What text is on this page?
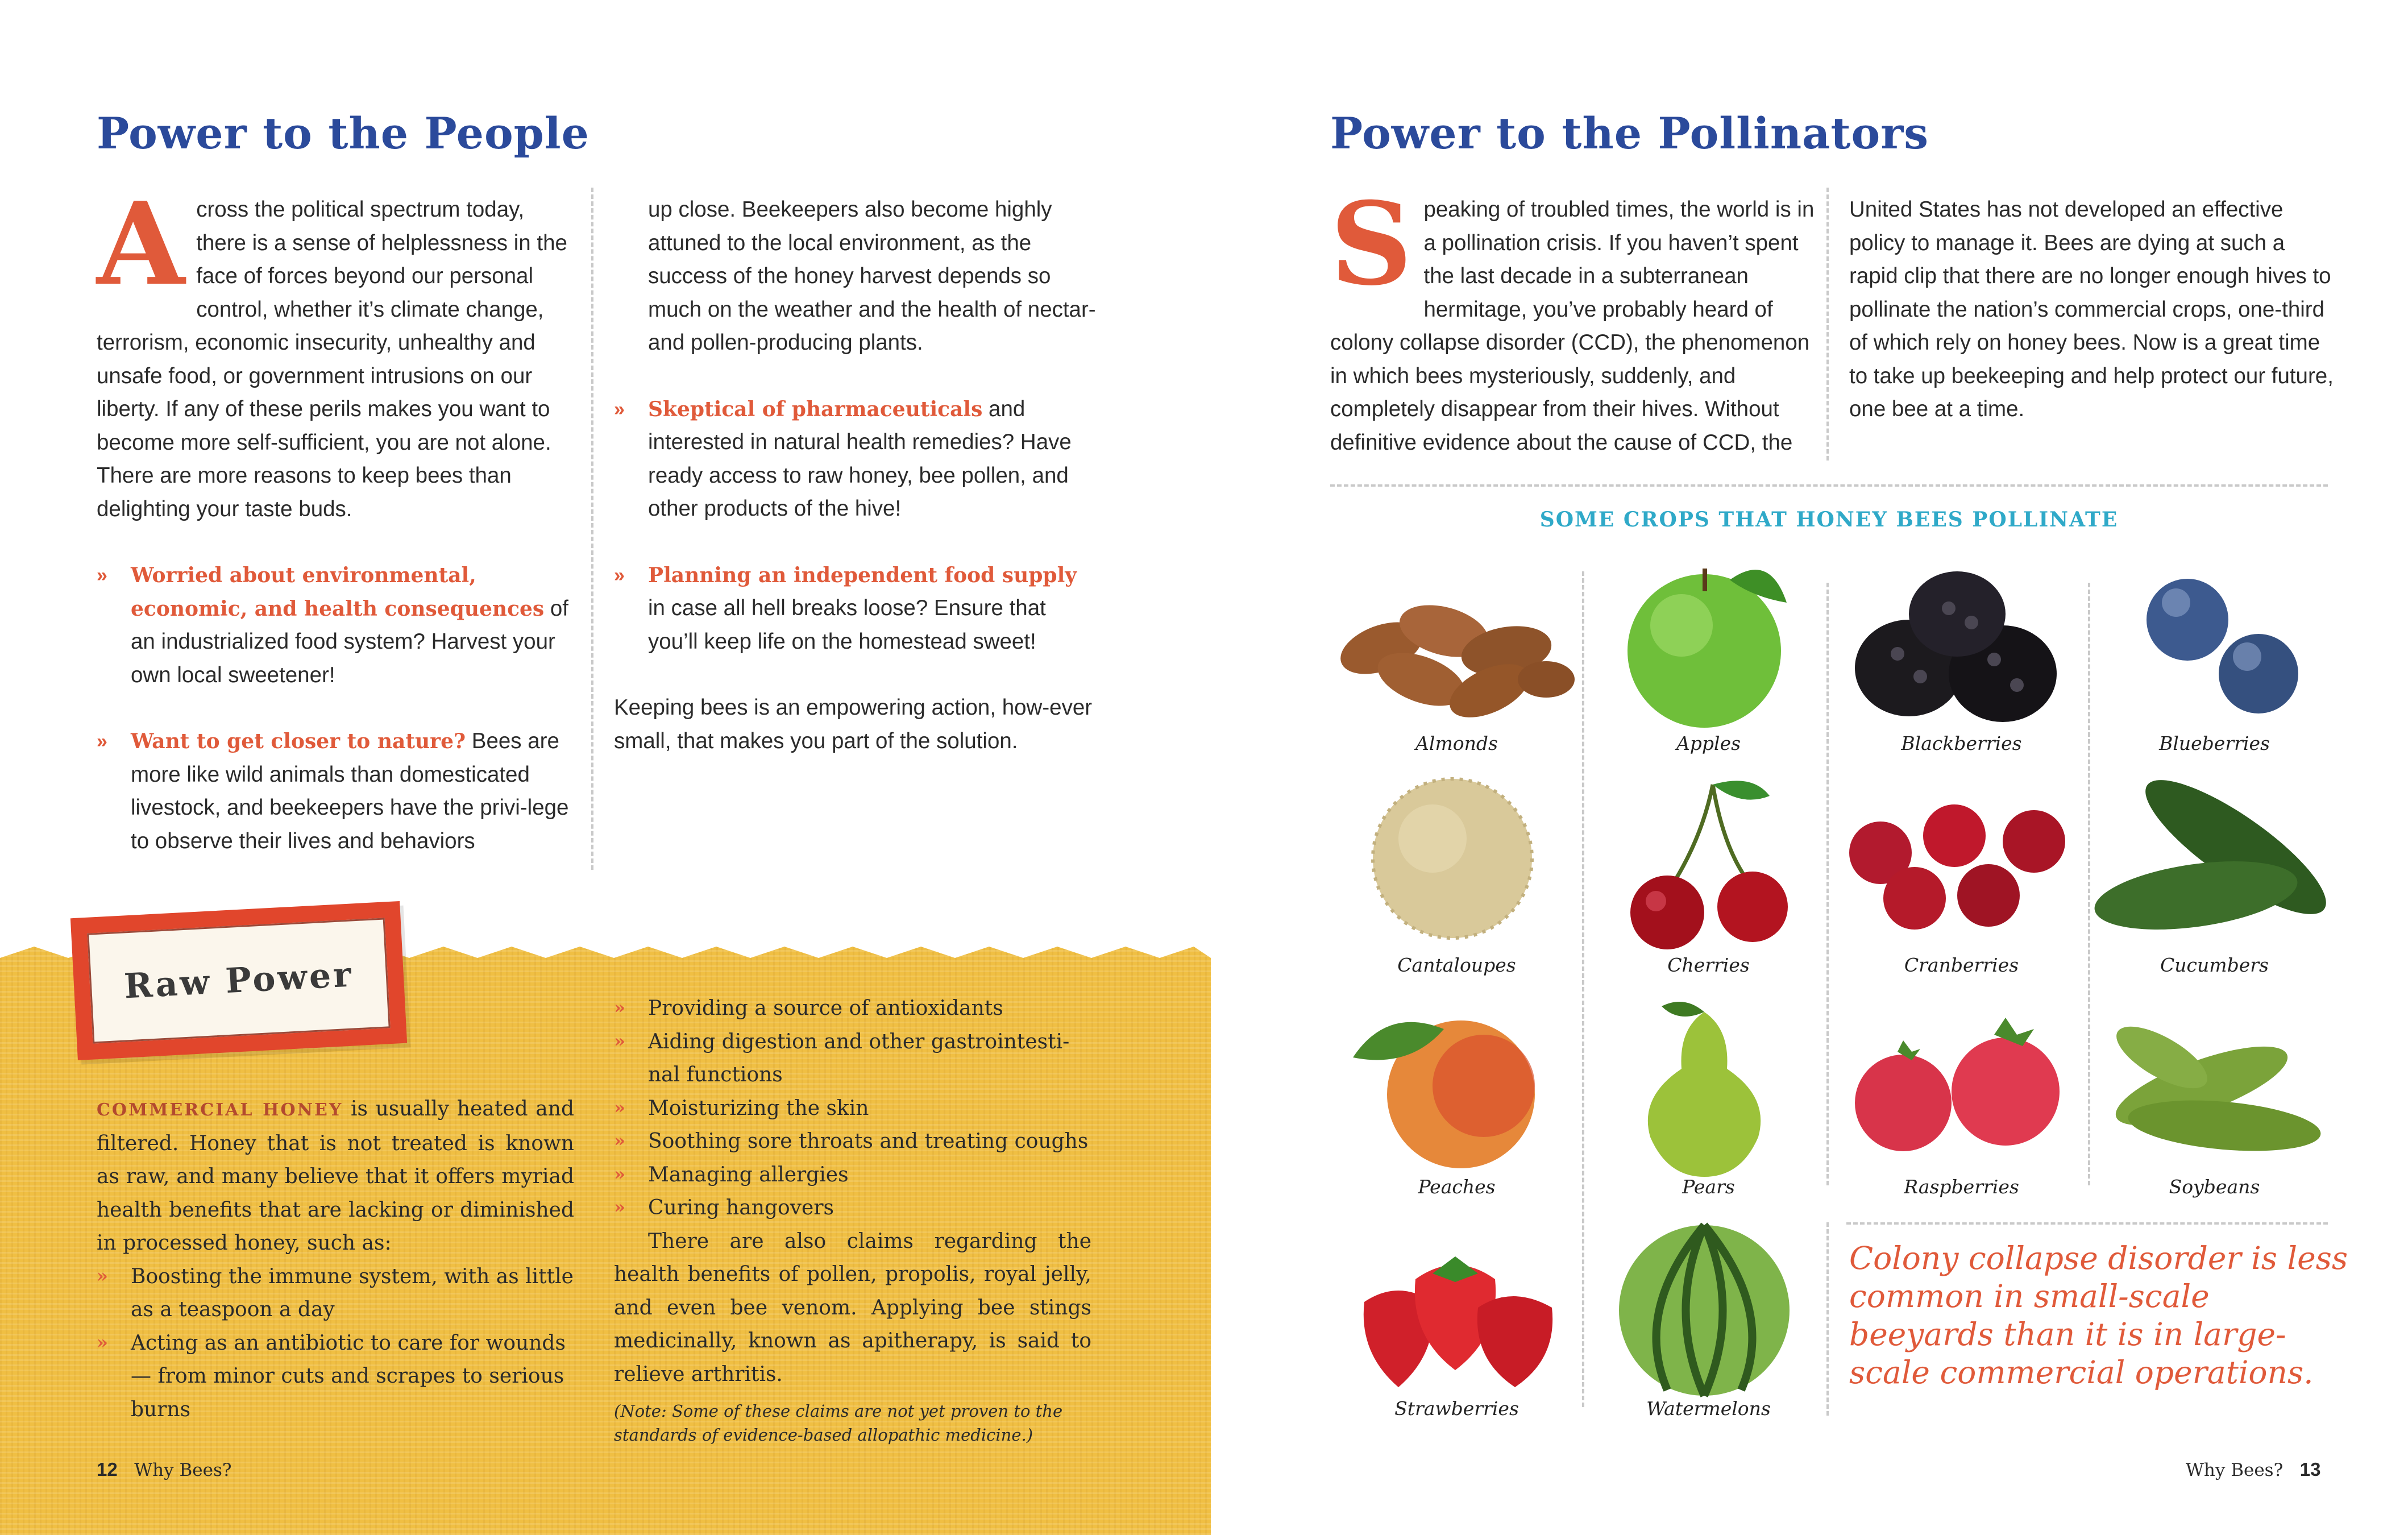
Power to the People

Across the political spectrum today, there is a sense of helplessness in the face of forces beyond our personal control, whether it’s climate change, terrorism, economic insecurity, unhealthy and unsafe food, or government intrusions on our liberty. If any of these perils makes you want to become more self-sufficient, you are not alone. There are more reasons to keep bees than delighting your taste buds.

» Worried about environmental, economic, and health consequences of an industrialized food system? Harvest your own local sweetener!
» Want to get closer to nature? Bees are more like wild animals than domesticated livestock, and beekeepers have the privi-lege to observe their lives and behaviors
up close. Beekeepers also become highly attuned to the local environment, as the success of the honey harvest depends so much on the weather and the health of nectar- and pollen-producing plants.
» Skeptical of pharmaceuticals and interested in natural health remedies? Have ready access to raw honey, bee pollen, and other products of the hive!
» Planning an independent food supply in case all hell breaks loose? Ensure that you’ll keep life on the homestead sweet!

Keeping bees is an empowering action, how-ever small, that makes you part of the solution.

Raw Power

COMMERCIAL HONEY is usually heated and filtered. Honey that is not treated is known as raw, and many believe that it offers myriad health benefits that are lacking or diminished in processed honey, such as:

» Boosting the immune system, with as little as a teaspoon a day
» Acting as an antibiotic to care for wounds — from minor cuts and scrapes to serious burns
» Providing a source of antioxidants
» Aiding digestion and other gastrointesti-nal functions
» Moisturizing the skin
» Soothing sore throats and treating coughs
» Managing allergies
» Curing hangovers

There are also claims regarding the health benefits of pollen, propolis, royal jelly, and even bee venom. Applying bee stings medicinally, known as apitherapy, is said to relieve arthritis.

(Note: Some of these claims are not yet proven to the standards of evidence-based allopathic medicine.)

12 Why Bees?
Power to the Pollinators

Speaking of troubled times, the world is in a pollination crisis. If you haven’t spent the last decade in a subterranean hermitage, you’ve probably heard of colony collapse disorder (CCD), the phenomenon in which bees mysteriously, suddenly, and completely disappear from their hives. Without definitive evidence about the cause of CCD, the

United States has not developed an effective policy to manage it. Bees are dying at such a rapid clip that there are no longer enough hives to pollinate the nation’s commercial crops, one-third of which rely on honey bees. Now is a great time to take up beekeeping and help protect our future, one bee at a time.

SOME CROPS THAT HONEY BEES POLLINATE
Almonds	Apples	Blackberries	Blueberries
Cantaloupes	Cherries	Cranberries	Cucumbers
Peaches	Pears	Raspberries	Soybeans
Strawberries	Watermelons
Colony collapse disorder is less common in small-scale beeyards than it is in large-scale commercial operations.
Why Bees? 13
